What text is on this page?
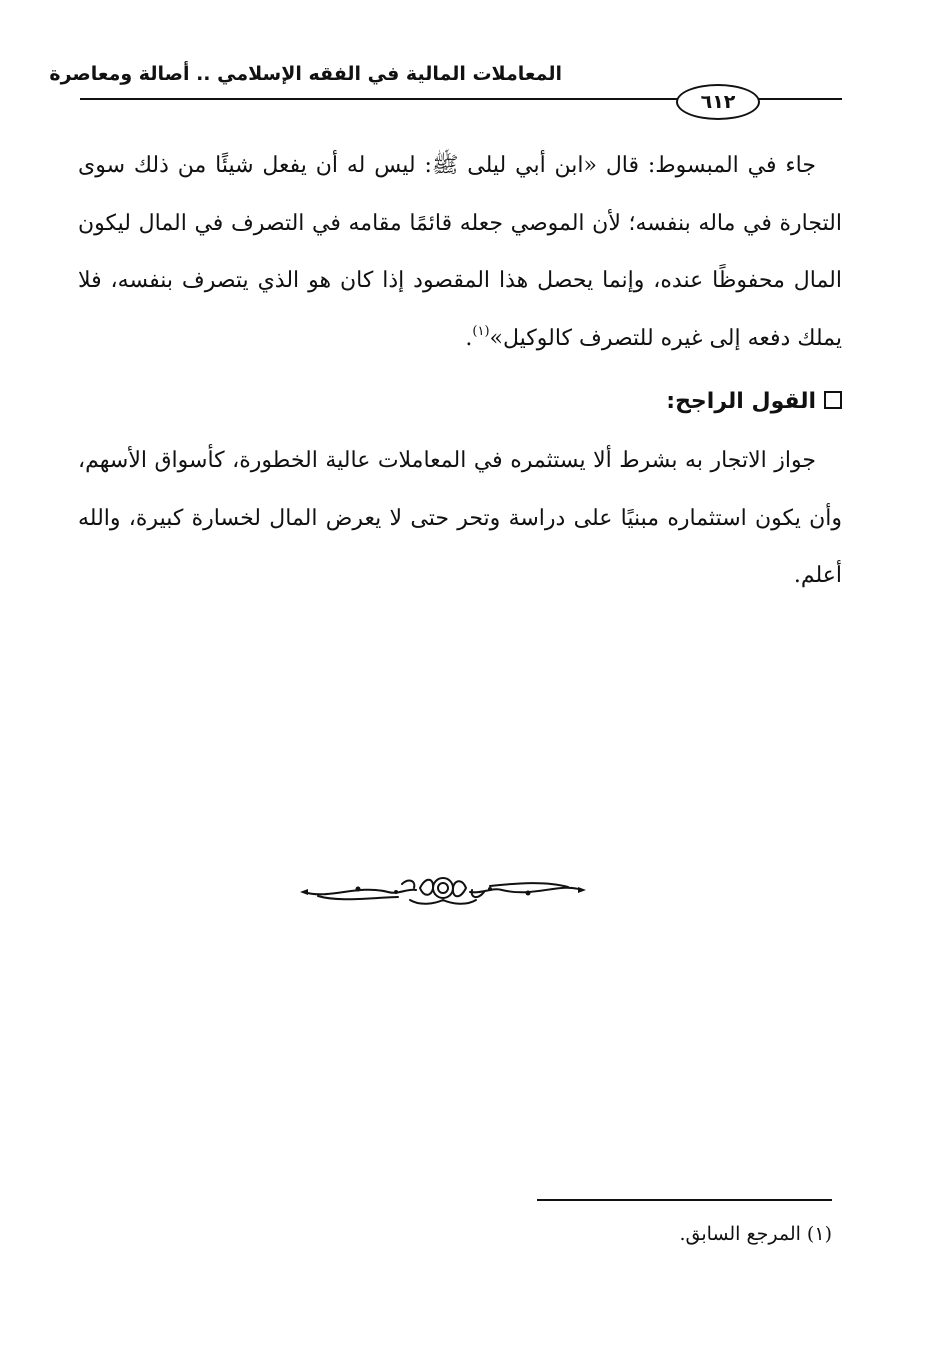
المعاملات المالية في الفقه الإسلامي .. أصالة ومعاصرة
٦١٢

جاء في المبسوط: قال «ابن أبي ليلى ﷺ: ليس له أن يفعل شيئًا من ذلك سوى التجارة في ماله بنفسه؛ لأن الموصي جعله قائمًا مقامه في التصرف في المال ليكون المال محفوظًا عنده، وإنما يحصل هذا المقصود إذا كان هو الذي يتصرف بنفسه، فلا يملك دفعه إلى غيره للتصرف كالوكيل»$^{(١)}$.

القول الراجح:

جواز الاتجار به بشرط ألا يستثمره في المعاملات عالية الخطورة، كأسواق الأسهم، وأن يكون استثماره مبنيًا على دراسة وتحر حتى لا يعرض المال لخسارة كبيرة، والله أعلم.

(١) المرجع السابق.
